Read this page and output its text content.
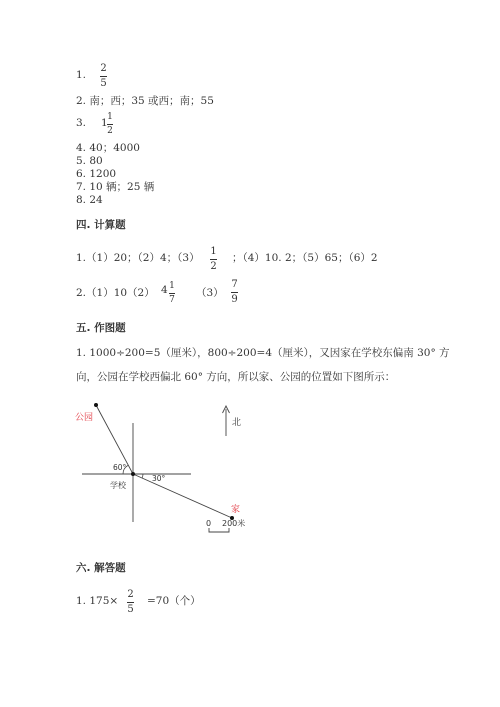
1.
2
5
2. 南；西；35 或西；南；55
3. 1 1
2
4. 40；4000
5. 80
6. 1200
7. 10 辆；25 辆
8. 24
四. 计算题
1.（1）20；（2）4；（3）
1
2
；（4）10. 2；（5）65；（6）2
2.（1）10（2） 4 1
7
（3）
7
9
五. 作图题
1. 1000÷200=5（厘米），800÷200=4（厘米），又因家在学校东偏南 30° 方
向，公园在学校西偏北 60° 方向，所以家、公园的位置如下图所示：
公园
家
学校
北
60°
30°
0 200米
六. 解答题
1. 175×
2
5
=70（个）
